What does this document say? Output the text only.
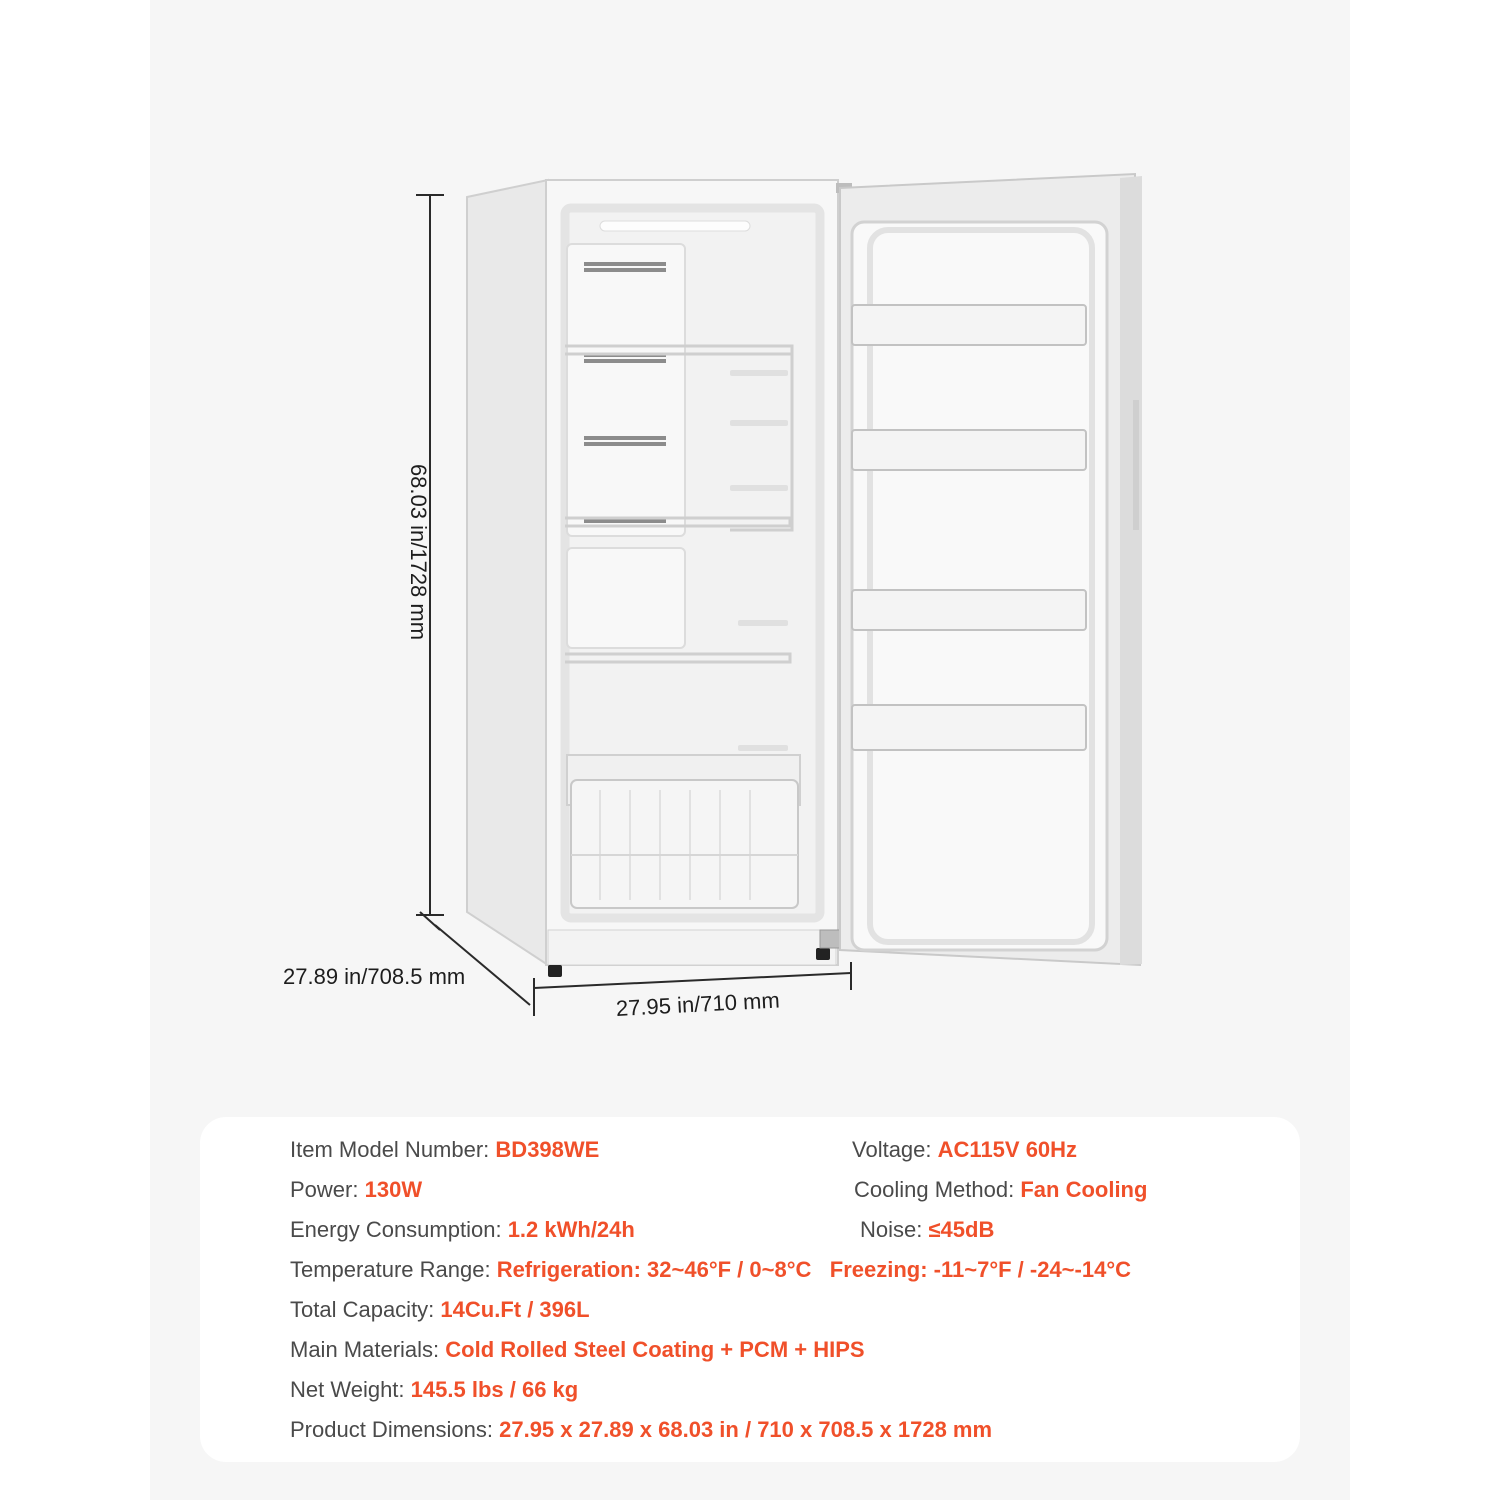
68.03 in/1728 mm
27.89 in/708.5 mm
27.95 in/710 mm
Item Model Number: BD398WE	Voltage: AC115V 60Hz
Power: 130W	Cooling Method: Fan Cooling
Energy Consumption: 1.2 kWh/24h	Noise: ≤45dB
Temperature Range: Refrigeration: 32~46°F / 0~8°C Freezing: -11~7°F / -24~-14°C
Total Capacity: 14Cu.Ft / 396L
Main Materials: Cold Rolled Steel Coating + PCM + HIPS
Net Weight: 145.5 lbs / 66 kg
Product Dimensions: 27.95 x 27.89 x 68.03 in / 710 x 708.5 x 1728 mm
